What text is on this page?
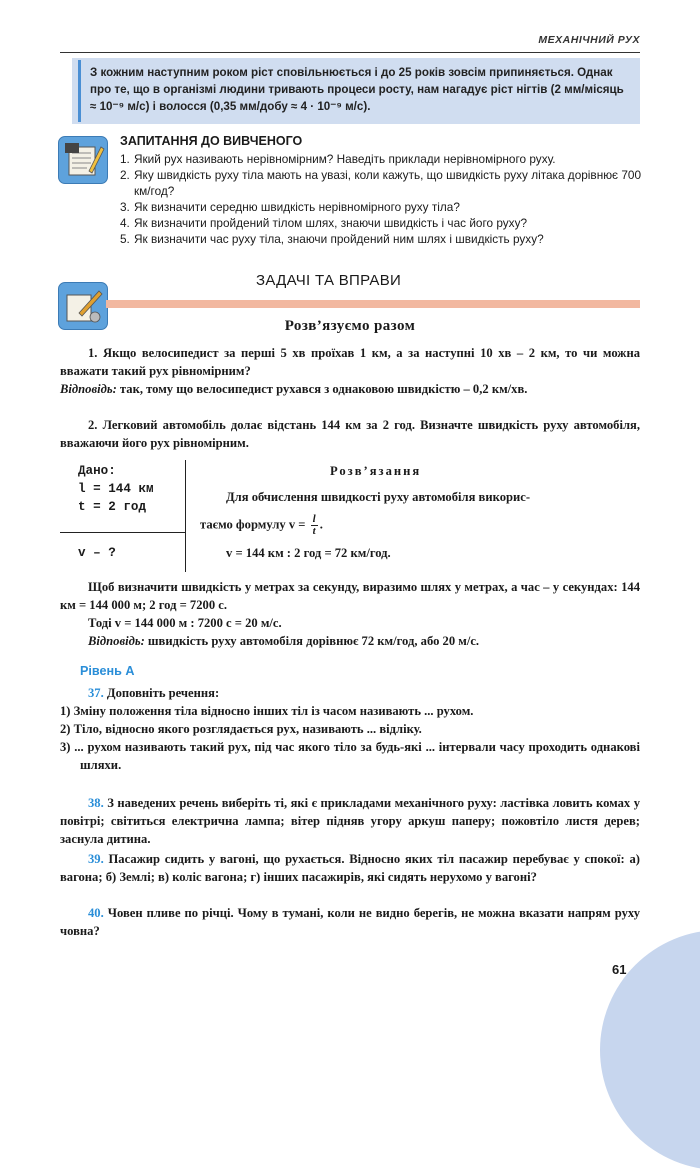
МЕХАНІЧНИЙ РУХ
З кожним наступним роком ріст сповільнюється і до 25 років зовсім припиняється. Однак про те, що в організмі людини тривають процеси росту, нам нагадує ріст нігтів (2 мм/місяць ≈ 10⁻⁹ м/с) і волосся (0,35 мм/добу ≈ 4 · 10⁻⁹ м/с).
ЗАПИТАННЯ ДО ВИВЧЕНОГО
1. Який рух називають нерівномірним? Наведіть приклади нерівномірного руху.
2. Яку швидкість руху тіла мають на увазі, коли кажуть, що швидкість руху літака дорівнює 700 км/год?
3. Як визначити середню швидкість нерівномірного руху тіла?
4. Як визначити пройдений тілом шлях, знаючи швидкість і час його руху?
5. Як визначити час руху тіла, знаючи пройдений ним шлях і швидкість руху?
ЗАДАЧІ ТА ВПРАВИ
Розв’язуємо разом
1. Якщо велосипедист за перші 5 хв проїхав 1 км, а за наступні 10 хв – 2 км, то чи можна вважати такий рух рівномірним?
Відповідь: так, тому що велосипедист рухався з однаковою швидкістю – 0,2 км/хв.
2. Легковий автомобіль долає відстань 144 км за 2 год. Визначте швидкість руху автомобіля, вважаючи його рух рівномірним.
Дано:
l = 144 км
t = 2 год
v – ?
Розв’язання
Для обчислення швидкості руху автомобіля викорис-
таємо формулу $v = \frac{l}{t}$ .
v = 144 км : 2 год = 72 км/год.
Щоб визначити швидкість у метрах за секунду, виразимо шлях у метрах, а час – у секундах: 144 км = 144 000 м; 2 год = 7200 с.
Тоді v = 144 000 м : 7200 с = 20 м/с.
Відповідь: швидкість руху автомобіля дорівнює 72 км/год, або 20 м/с.
Рівень А
37. Доповніть речення:
1) Зміну положення тіла відносно інших тіл із часом називають ... рухом.
2) Тіло, відносно якого розглядається рух, називають ... відліку.
3) ... рухом називають такий рух, під час якого тіло за будь-які ... інтервали часу проходить однакові шляхи.
38. З наведених речень виберіть ті, які є прикладами механічного руху: ластівка ловить комах у повітрі; світиться електрична лампа; вітер підняв угору аркуш паперу; пожовтіло листя дерев; заснула дитина.
39. Пасажир сидить у вагоні, що рухається. Відносно яких тіл пасажир перебуває у спокої: а) вагона; б) Землі; в) коліс вагона; г) інших пасажирів, які сидять нерухомо у вагоні?
40. Човен пливе по річці. Чому в тумані, коли не видно берегів, не можна вказати напрям руху човна?
61
